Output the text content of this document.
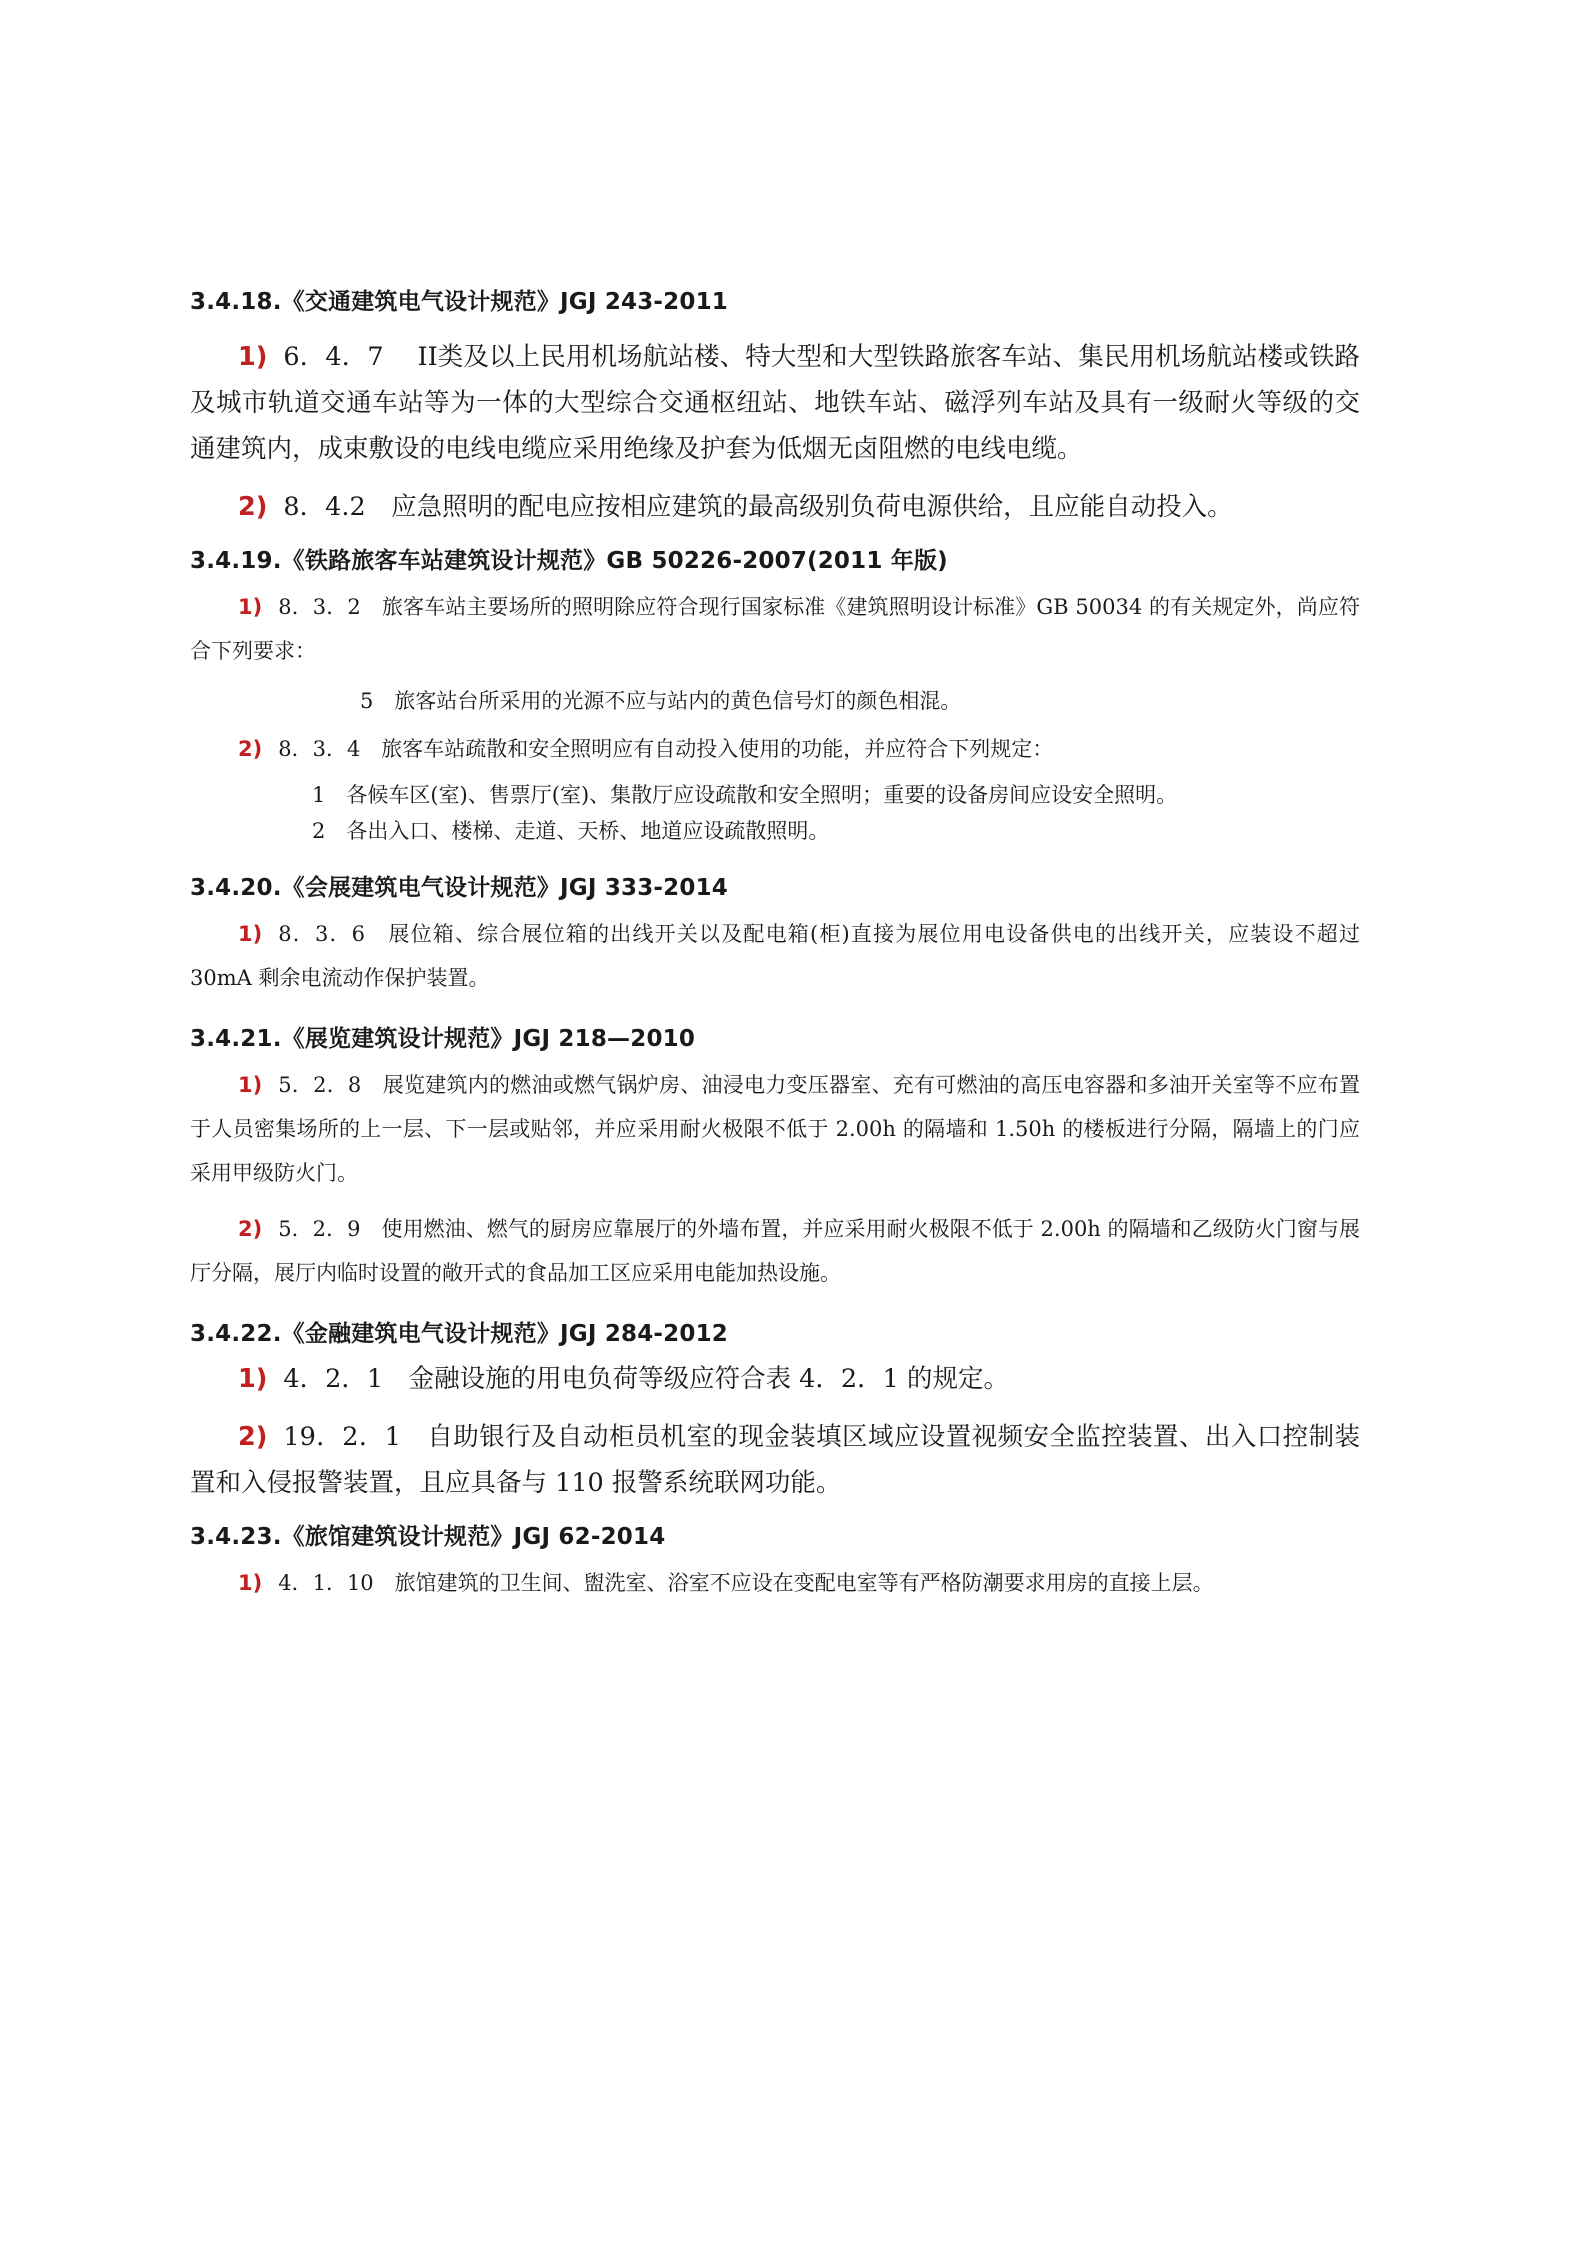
3.4.18.《交通建筑电气设计规范》JGJ 243-2011

1) 6．4．7　 II类及以上民用机场航站楼、特大型和大型铁路旅客车站、集民用机场航站楼或铁路及城市轨道交通车站等为一体的大型综合交通枢纽站、地铁车站、磁浮列车站及具有一级耐火等级的交通建筑内，成束敷设的电线电缆应采用绝缘及护套为低烟无卤阻燃的电线电缆。

2) 8．4.2　应急照明的配电应按相应建筑的最高级别负荷电源供给，且应能自动投入。

3.4.19.《铁路旅客车站建筑设计规范》GB 50226-2007(2011 年版)

1) 8．3．2　旅客车站主要场所的照明除应符合现行国家标准《建筑照明设计标准》GB 50034 的有关规定外，尚应符合下列要求：

5　旅客站台所采用的光源不应与站内的黄色信号灯的颜色相混。

2) 8．3．4　旅客车站疏散和安全照明应有自动投入使用的功能，并应符合下列规定：

1　各候车区(室)、售票厅(室)、集散厅应设疏散和安全照明；重要的设备房间应设安全照明。

2　各出入口、楼梯、走道、天桥、地道应设疏散照明。

3.4.20.《会展建筑电气设计规范》JGJ 333-2014

1) 8．3．6　展位箱、综合展位箱的出线开关以及配电箱(柜)直接为展位用电设备供电的出线开关，应装设不超过 30mA 剩余电流动作保护装置。

3.4.21.《展览建筑设计规范》JGJ 218—2010

1) 5．2．8　展览建筑内的燃油或燃气锅炉房、油浸电力变压器室、充有可燃油的高压电容器和多油开关室等不应布置于人员密集场所的上一层、下一层或贴邻，并应采用耐火极限不低于 2.00h 的隔墙和 1.50h 的楼板进行分隔，隔墙上的门应采用甲级防火门。

2) 5．2．9　使用燃油、燃气的厨房应靠展厅的外墙布置，并应采用耐火极限不低于 2.00h 的隔墙和乙级防火门窗与展厅分隔，展厅内临时设置的敞开式的食品加工区应采用电能加热设施。

3.4.22.《金融建筑电气设计规范》JGJ 284-2012

1) 4．2．1　金融设施的用电负荷等级应符合表 4．2．1 的规定。

2) 19．2．1　自助银行及自动柜员机室的现金装填区域应设置视频安全监控装置、出入口控制装置和入侵报警装置，且应具备与 110 报警系统联网功能。

3.4.23.《旅馆建筑设计规范》JGJ 62-2014

1) 4．1．10　旅馆建筑的卫生间、盥洗室、浴室不应设在变配电室等有严格防潮要求用房的直接上层。
